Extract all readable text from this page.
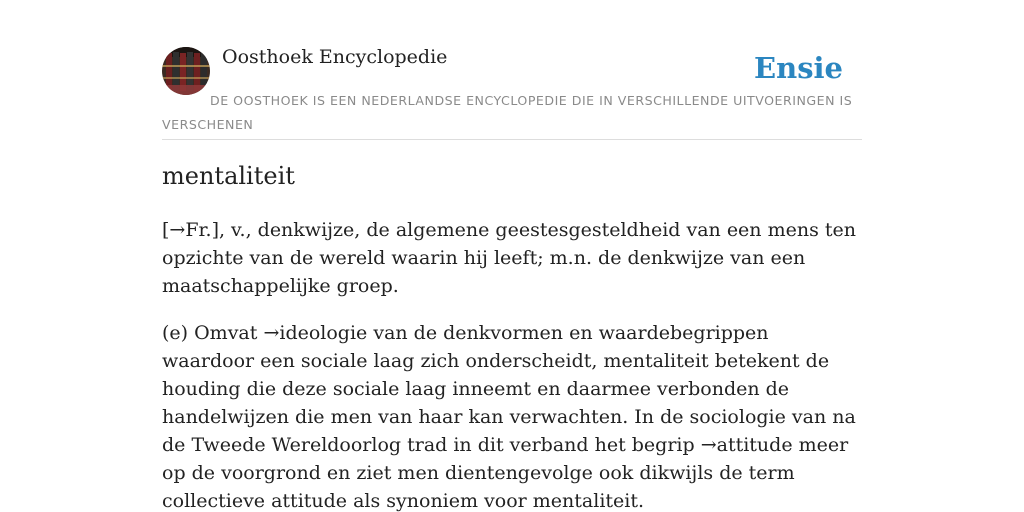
Oosthoek Encyclopedie	Ensie
DE OOSTHOEK IS EEN NEDERLANDSE ENCYCLOPEDIE DIE IN VERSCHILLENDE UITVOERINGEN IS VERSCHENEN
mentaliteit

[→Fr.], v., denkwijze, de algemene geestesgesteldheid van een mens ten opzichte van de wereld waarin hij leeft; m.n. de denkwijze van een maatschappelijke groep.

(e) Omvat →ideologie van de denkvormen en waardebegrippen waardoor een sociale laag zich onderscheidt, mentaliteit betekent de houding die deze sociale laag inneemt en daarmee verbonden de handelwijzen die men van haar kan verwachten. In de sociologie van na de Tweede Wereldoorlog trad in dit verband het begrip →attitude meer op de voorgrond en ziet men dientengevolge ook dikwijls de term collectieve attitude als synoniem voor mentaliteit.
